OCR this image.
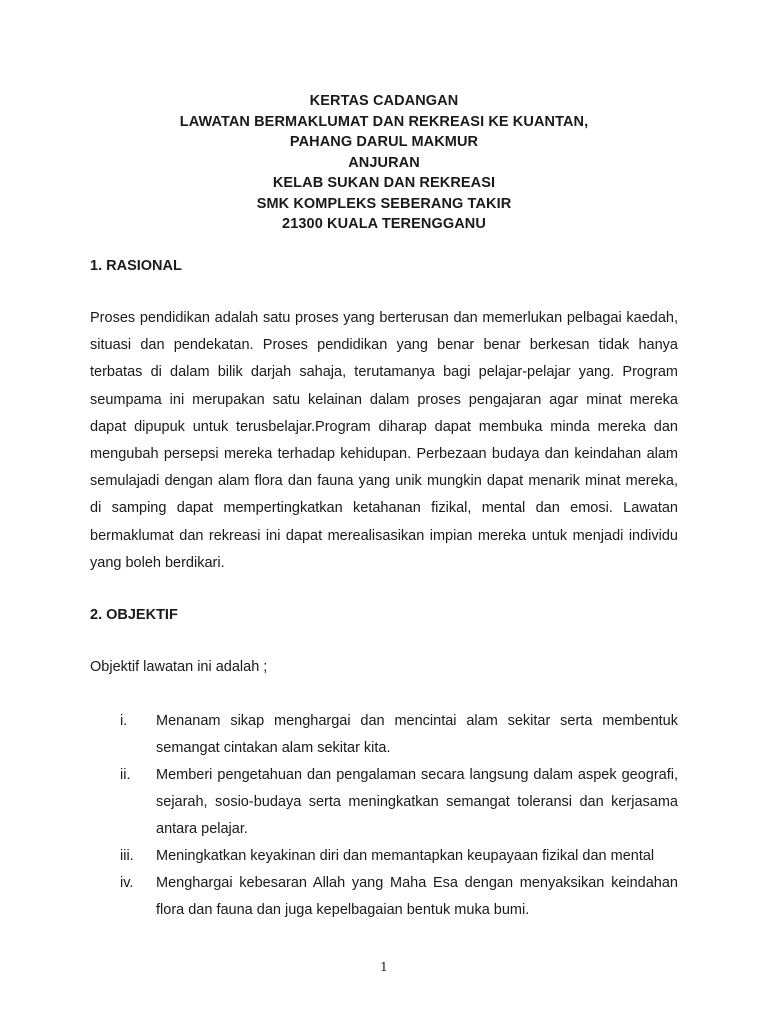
KERTAS CADANGAN
LAWATAN BERMAKLUMAT DAN REKREASI KE KUANTAN,
PAHANG DARUL MAKMUR
ANJURAN
KELAB SUKAN DAN REKREASI
SMK KOMPLEKS SEBERANG TAKIR
21300 KUALA TERENGGANU
1. RASIONAL

Proses pendidikan adalah satu proses yang berterusan dan memerlukan pelbagai kaedah, situasi dan pendekatan. Proses pendidikan yang benar benar berkesan tidak hanya terbatas di dalam bilik darjah sahaja, terutamanya bagi pelajar-pelajar yang. Program seumpama ini merupakan satu kelainan dalam proses pengajaran agar minat mereka dapat dipupuk untuk terusbelajar.Program diharap dapat membuka minda mereka dan mengubah persepsi mereka terhadap kehidupan. Perbezaan budaya dan keindahan alam semulajadi dengan alam flora dan fauna yang unik mungkin dapat menarik minat mereka, di samping dapat mempertingkatkan ketahanan fizikal, mental dan emosi. Lawatan bermaklumat dan rekreasi ini dapat merealisasikan impian mereka untuk menjadi individu yang boleh berdikari.

2. OBJEKTIF

Objektif lawatan ini adalah ;

i.	Menanam sikap menghargai dan mencintai alam sekitar serta membentuk semangat cintakan alam sekitar kita.
ii.	Memberi pengetahuan dan pengalaman secara langsung dalam aspek geografi, sejarah, sosio-budaya serta meningkatkan semangat toleransi dan kerjasama antara pelajar.
iii.	Meningkatkan keyakinan diri dan memantapkan keupayaan fizikal dan mental
iv.	Menghargai kebesaran Allah yang Maha Esa dengan menyaksikan keindahan flora dan fauna dan juga kepelbagaian bentuk muka bumi.
1
